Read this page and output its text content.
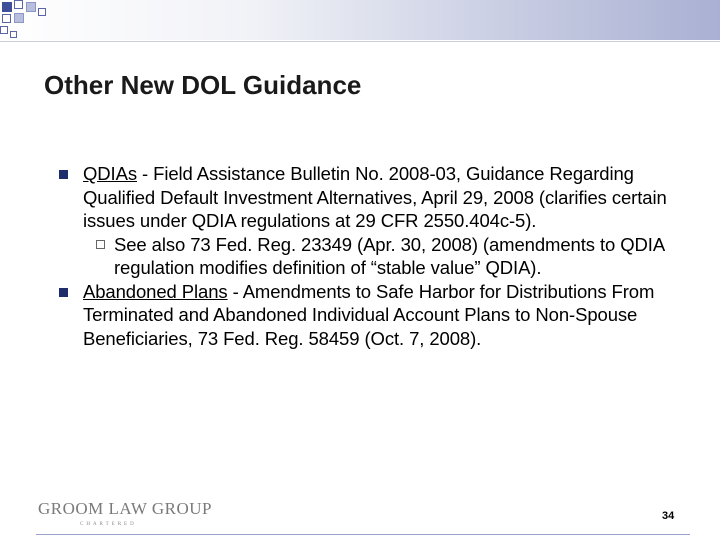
Other New DOL Guidance

QDIAs - Field Assistance Bulletin No. 2008-03, Guidance Regarding Qualified Default Investment Alternatives, April 29, 2008 (clarifies certain issues under QDIA regulations at 29 CFR 2550.404c-5).

See also 73 Fed. Reg. 23349 (Apr. 30, 2008) (amendments to QDIA regulation modifies definition of “stable value” QDIA).

Abandoned Plans - Amendments to Safe Harbor for Distributions From Terminated and Abandoned Individual Account Plans to Non-Spouse Beneficiaries, 73 Fed. Reg. 58459 (Oct. 7, 2008).

GROOM LAW GROUP
CHARTERED
34
